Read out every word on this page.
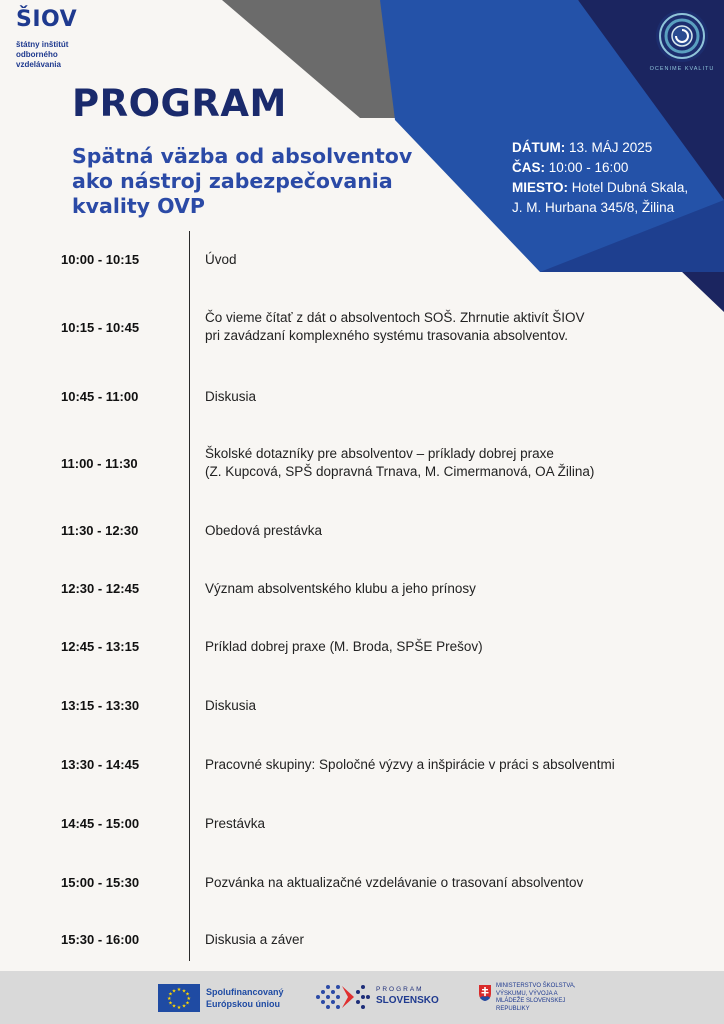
ŠIOV
štátny inštitút odborného vzdelávania	OCENIME KVALITU
PROGRAM
Spätná väzba od absolventov ako nástroj zabezpečovania kvality OVP
DÁTUM: 13. MÁJ 2025
ČAS: 10:00 - 16:00
MIESTO: Hotel Dubná Skala,
J. M. Hurbana 345/8, Žilina
10:00 - 10:15	Úvod
10:15 - 10:45
Čo vieme čítať z dát o absolventoch SOŠ. Zhrnutie aktivít ŠIOV
pri zavádzaní komplexného systému trasovania absolventov.
10:45 - 11:00	Diskusia
11:00 - 11:30
Školské dotazníky pre absolventov – príklady dobrej praxe
(Z. Kupcová, SPŠ dopravná Trnava, M. Cimermanová, OA Žilina)
11:30 - 12:30	Obedová prestávka
12:30 - 12:45	Význam absolventského klubu a jeho prínosy
12:45 - 13:15	Príklad dobrej praxe (M. Broda, SPŠE Prešov)
13:15 - 13:30	Diskusia
13:30 - 14:45	Pracovné skupiny: Spoločné výzvy a inšpirácie v práci s absolventmi
14:45 - 15:00	Prestávka
15:00 - 15:30	Pozvánka na aktualizačné vzdelávanie o trasovaní absolventov
15:30 - 16:00	Diskusia a záver
★ ★
★
★
★
★
★
★
★
★
★
★	Spolufinancovaný Európskou úniou
PROGRAM
SLOVENSKO
MINISTERSTVO ŠKOLSTVA, VÝSKUMU, VÝVOJA A MLÁDEŽE SLOVENSKEJ REPUBLIKY
